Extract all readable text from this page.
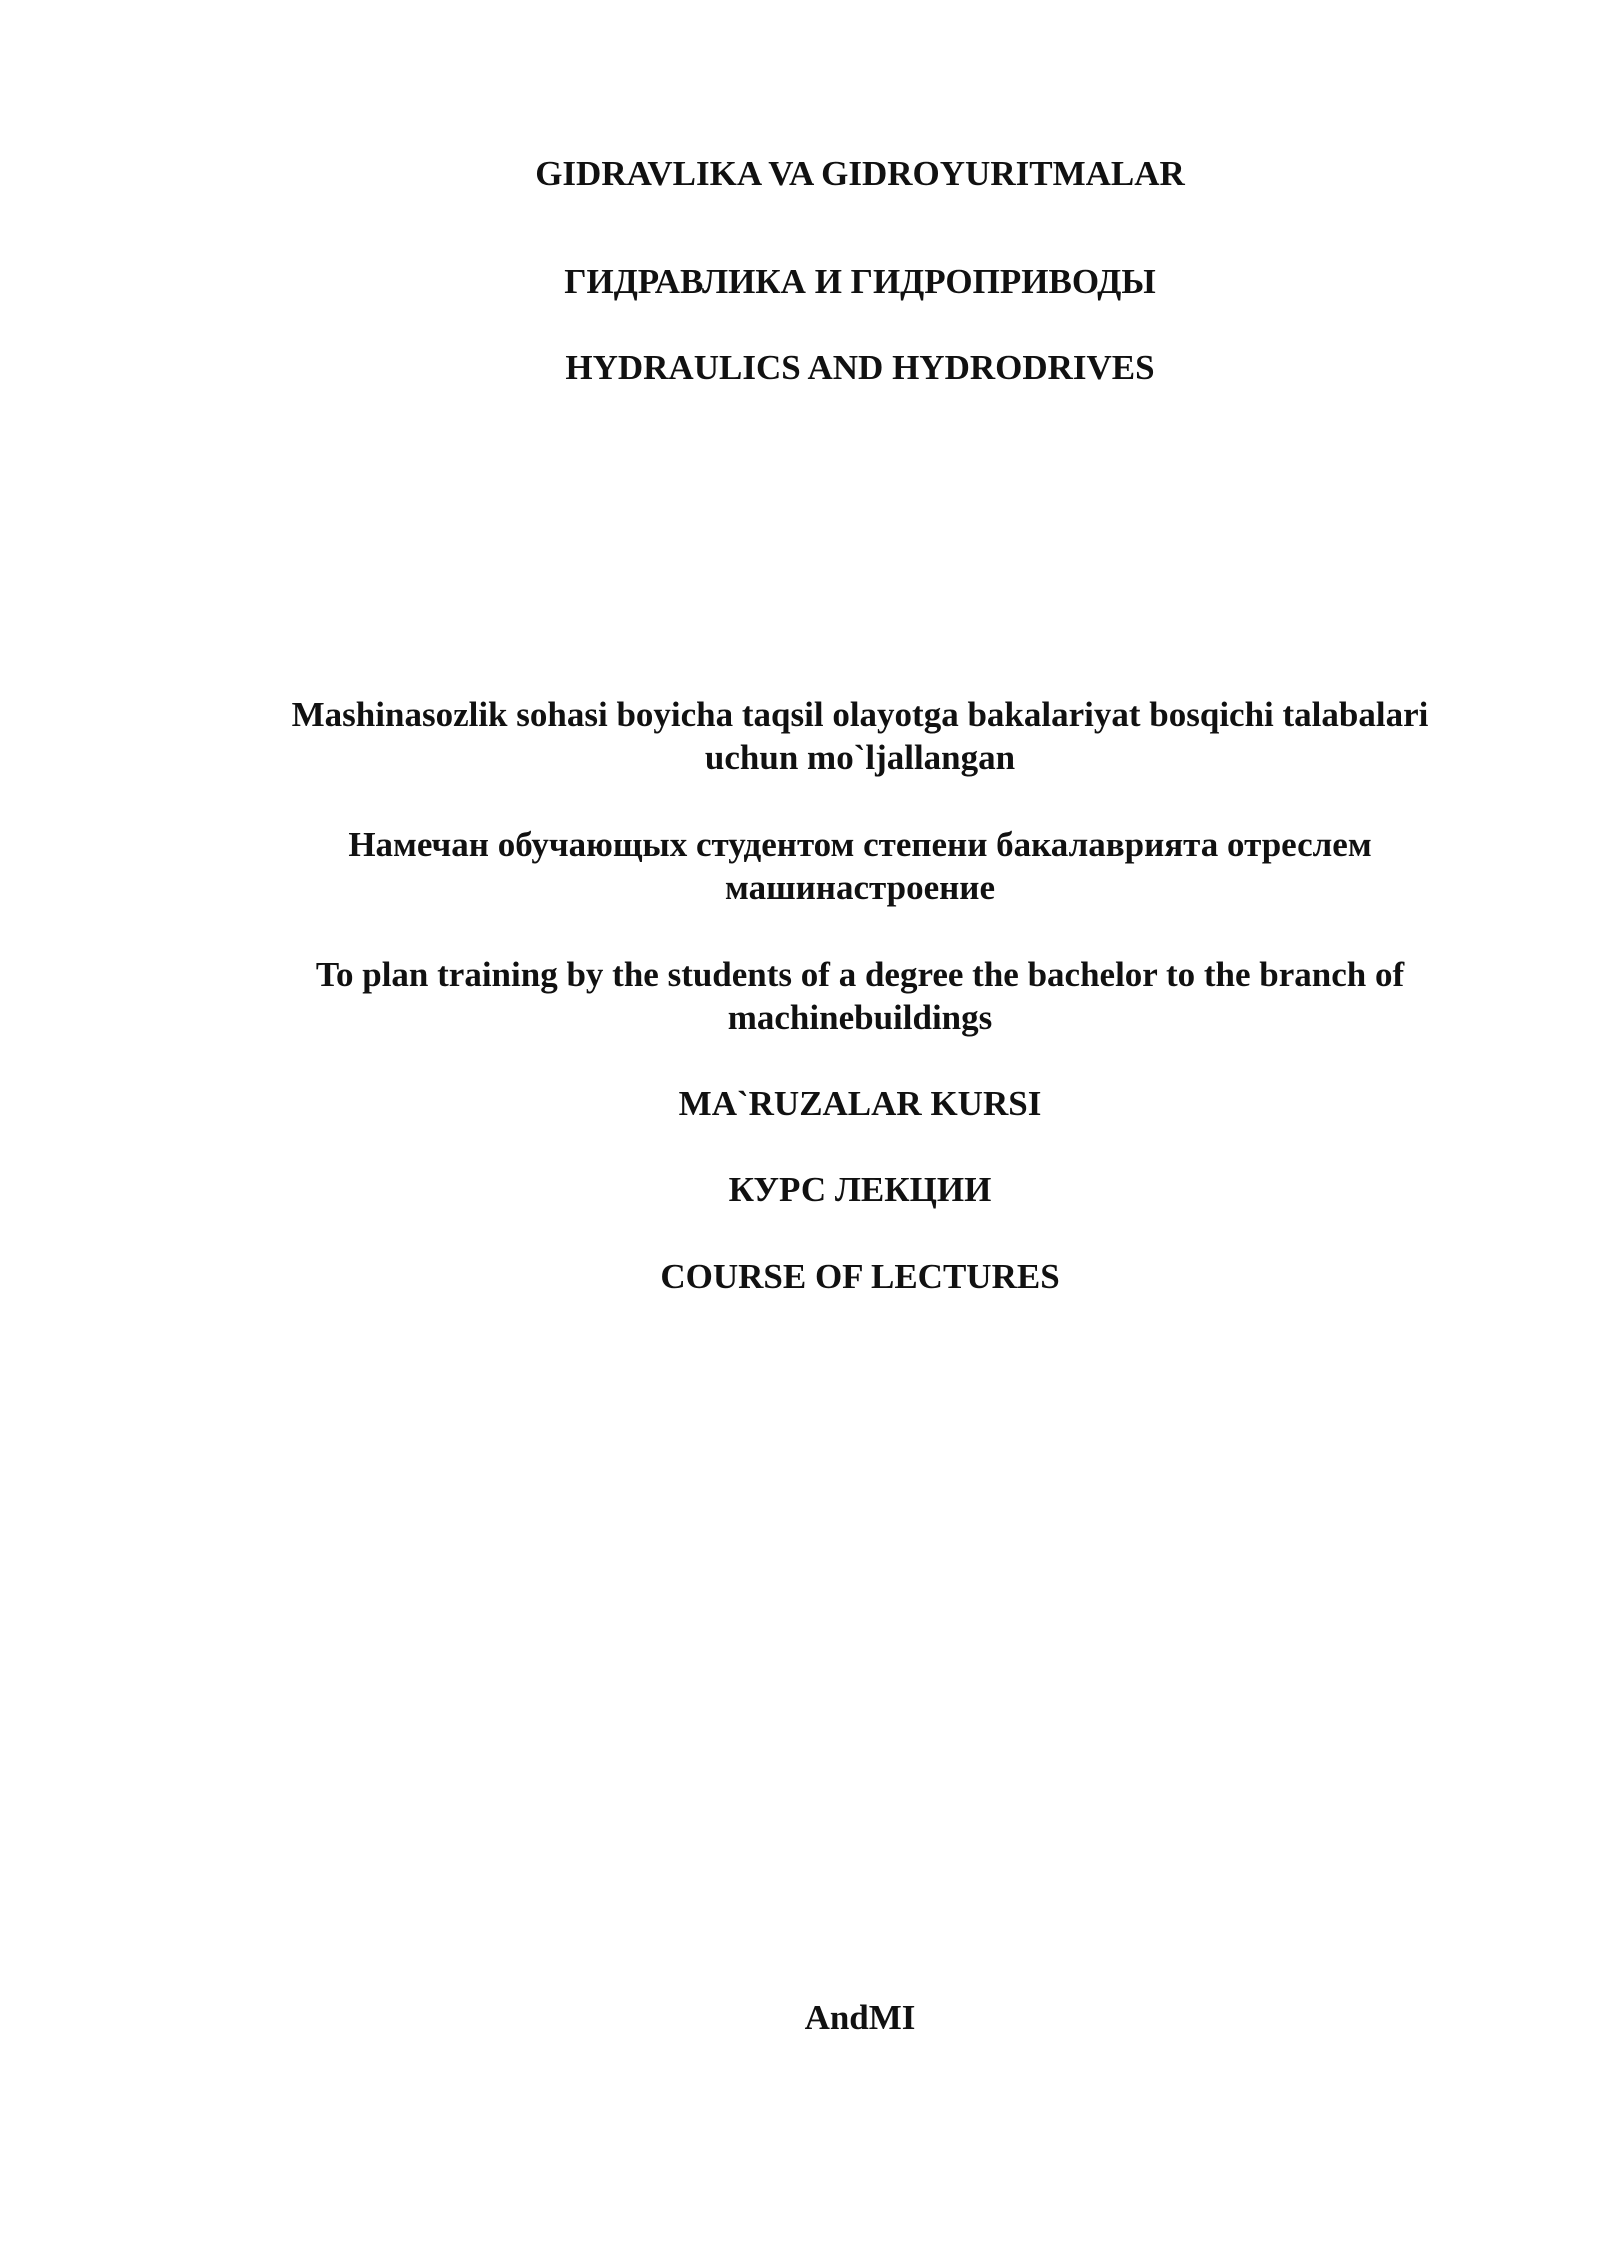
GIDRAVLIKA VA GIDROYURITMALAR
ГИДРАВЛИКА И ГИДРОПРИВОДЫ
HYDRAULICS AND HYDRODRIVES
Mashinasozlik sohasi boyicha taqsil olayotga bakalariyat bosqichi talabalari
uchun mo`ljallangan
Намечан обучающых студентом степени бакалаврията отреслем
машинастроение
To plan training by the students of a degree the bachelor to the branch of
machinebuildings
MA`RUZALAR KURSI
КУРС ЛЕКЦИИ
COURSE OF LECTURES
AndMI
